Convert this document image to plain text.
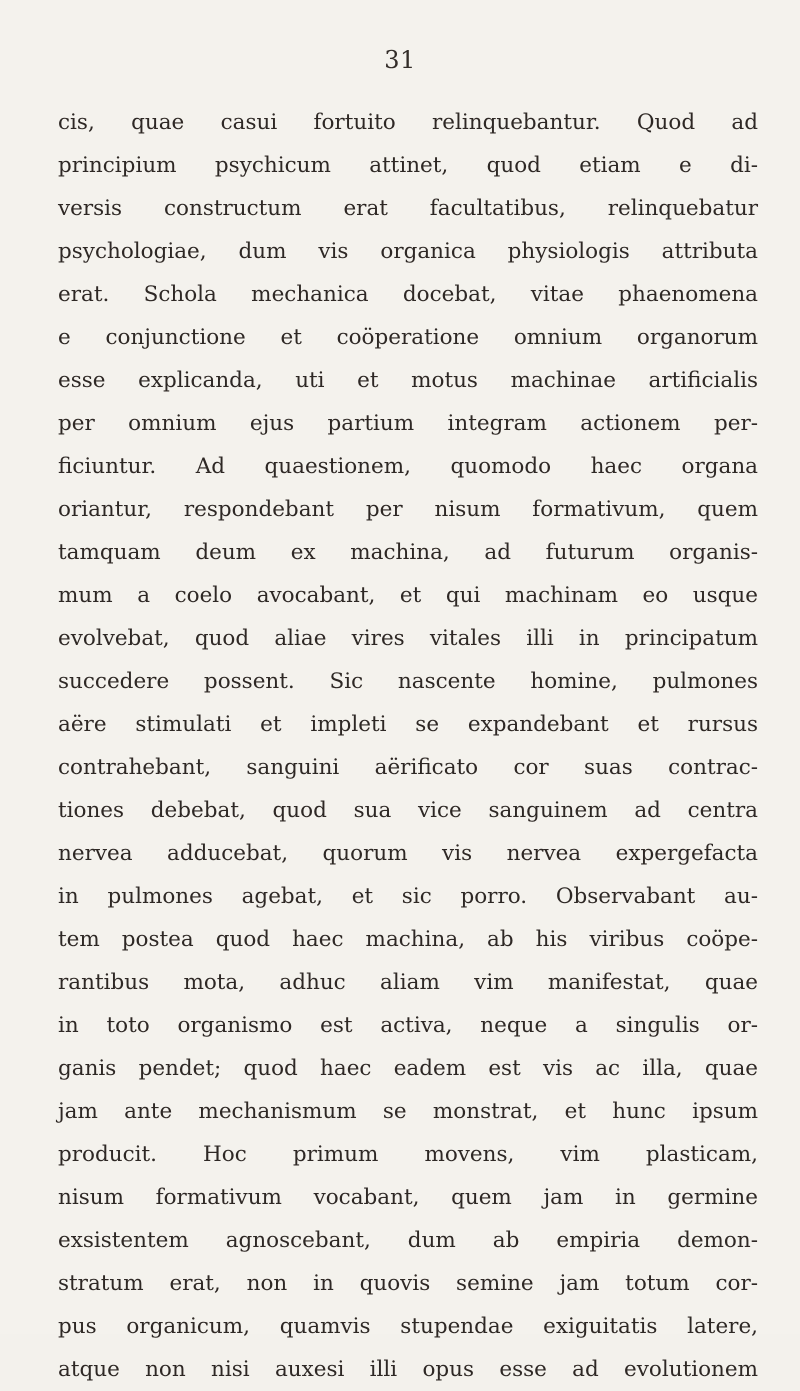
31
cis, quae casui fortuito relinquebantur. Quod ad
principium psychicum attinet, quod etiam e di-
versis constructum erat facultatibus, relinquebatur
psychologiae, dum vis organica physiologis attributa
erat. Schola mechanica docebat, vitae phaenomena
e conjunctione et coöperatione omnium organorum
esse explicanda, uti et motus machinae artificialis
per omnium ejus partium integram actionem per-
ficiuntur. Ad quaestionem, quomodo haec organa
oriantur, respondebant per nisum formativum, quem
tamquam deum ex machina, ad futurum organis-
mum a coelo avocabant, et qui machinam eo usque
evolvebat, quod aliae vires vitales illi in principatum
succedere possent. Sic nascente homine, pulmones
aëre stimulati et impleti se expandebant et rursus
contrahebant, sanguini aërificato cor suas contrac-
tiones debebat, quod sua vice sanguinem ad centra
nervea adducebat, quorum vis nervea expergefacta
in pulmones agebat, et sic porro. Observabant au-
tem postea quod haec machina, ab his viribus coöpe-
rantibus mota, adhuc aliam vim manifestat, quae
in toto organismo est activa, neque a singulis or-
ganis pendet; quod haec eadem est vis ac illa, quae
jam ante mechanismum se monstrat, et hunc ipsum
producit. Hoc primum movens, vim plasticam,
nisum formativum vocabant, quem jam in germine
exsistentem agnoscebant, dum ab empiria demon-
stratum erat, non in quovis semine jam totum cor-
pus organicum, quamvis stupendae exiguitatis latere,
atque non nisi auxesi illi opus esse ad evolutionem
